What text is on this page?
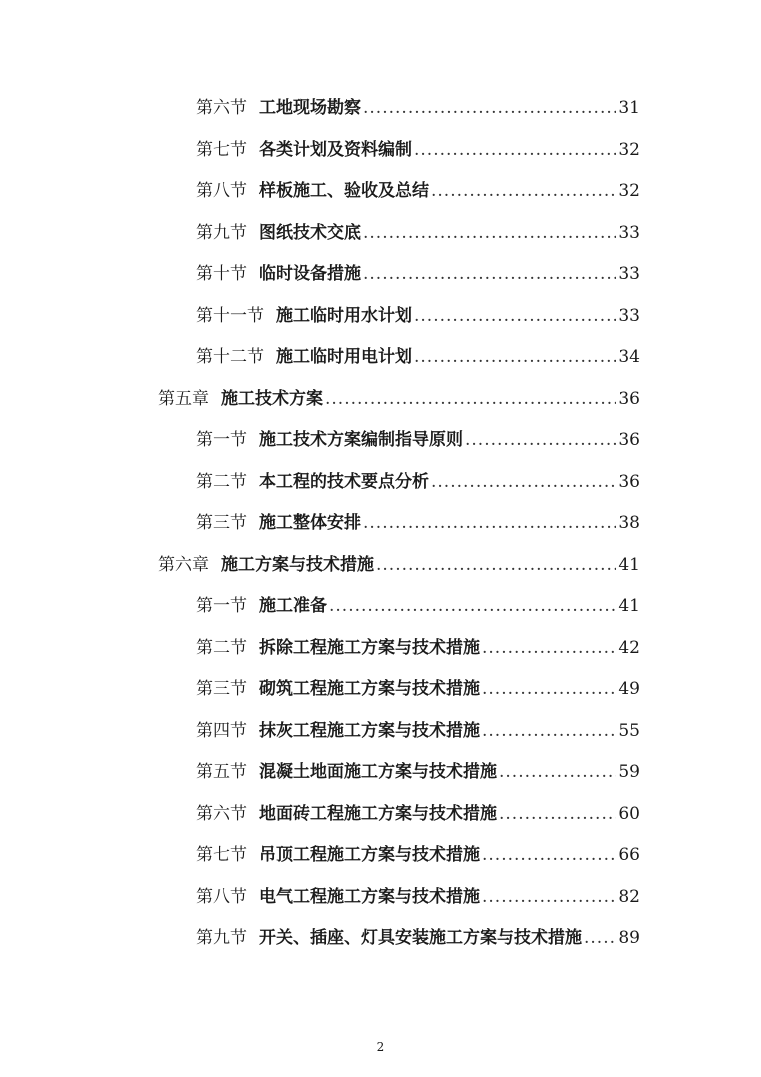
第六节 工地现场勘察 .....	31
第七节 各类计划及资料编制 .....	32
第八节 样板施工、验收及总结 .....	32
第九节 图纸技术交底 .....	33
第十节 临时设备措施 .....	33
第十一节 施工临时用水计划 .....	33
第十二节 施工临时用电计划 .....	34
第五章 施工技术方案 .....	36
第一节 施工技术方案编制指导原则 .....	36
第二节 本工程的技术要点分析 .....	36
第三节 施工整体安排 .....	38
第六章 施工方案与技术措施 .....	41
第一节 施工准备 .....	41
第二节 拆除工程施工方案与技术措施 .....	42
第三节 砌筑工程施工方案与技术措施 .....	49
第四节 抹灰工程施工方案与技术措施 .....	55
第五节 混凝土地面施工方案与技术措施 .....	59
第六节 地面砖工程施工方案与技术措施 .....	60
第七节 吊顶工程施工方案与技术措施 .....	66
第八节 电气工程施工方案与技术措施 .....	82
第九节 开关、插座、灯具安装施工方案与技术措施 ..... 89
2
